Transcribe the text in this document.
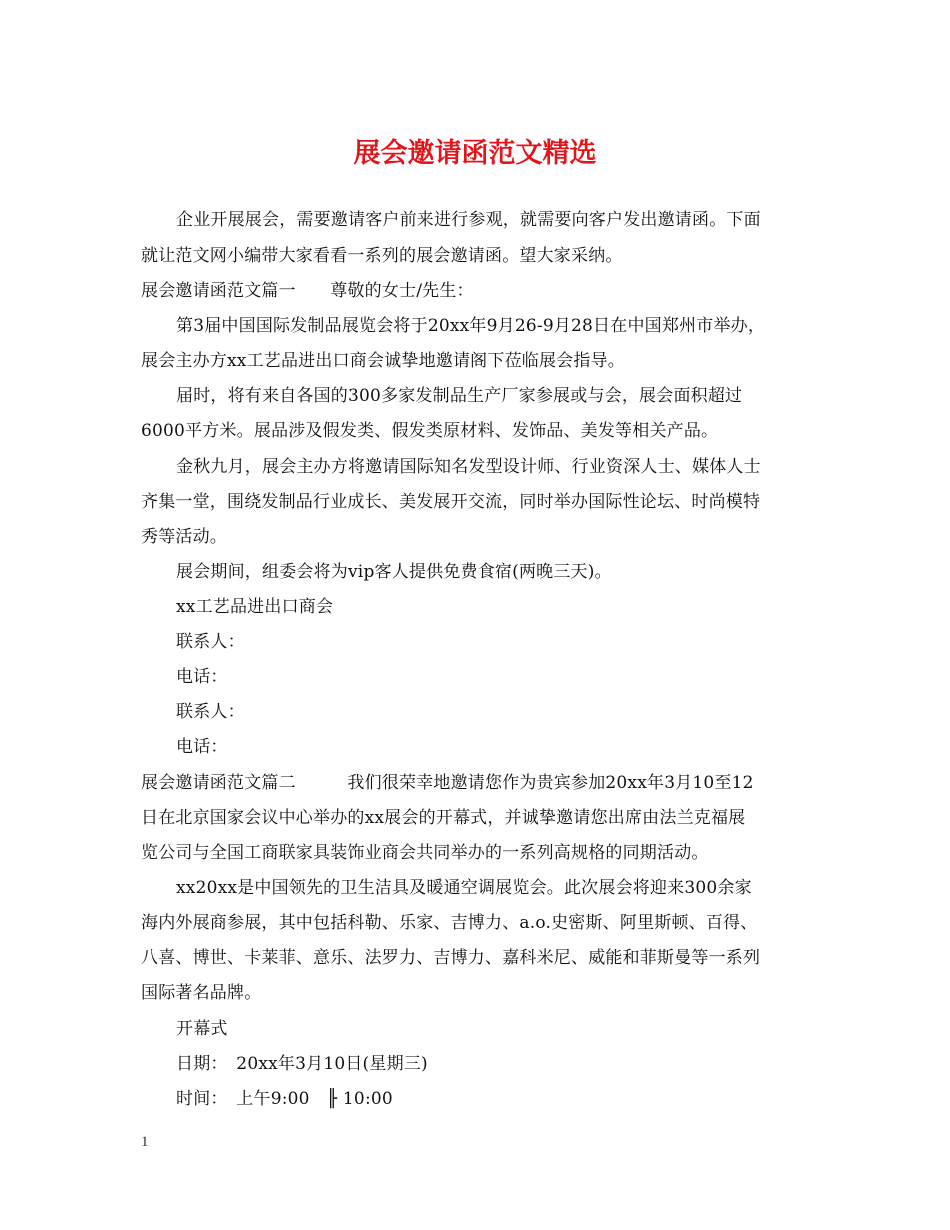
展会邀请函范文精选
企业开展展会，需要邀请客户前来进行参观，就需要向客户发出邀请函。下面
就让范文网小编带大家看看一系列的展会邀请函。望大家采纳。
展会邀请函范文篇一　　尊敬的女士/先生：
第3届中国国际发制品展览会将于20xx年9月26-9月28日在中国郑州市举办，
展会主办方xx工艺品进出口商会诚挚地邀请阁下莅临展会指导。
届时，将有来自各国的300多家发制品生产厂家参展或与会，展会面积超过
6000平方米。展品涉及假发类、假发类原材料、发饰品、美发等相关产品。
金秋九月，展会主办方将邀请国际知名发型设计师、行业资深人士、媒体人士
齐集一堂，围绕发制品行业成长、美发展开交流，同时举办国际性论坛、时尚模特
秀等活动。
展会期间，组委会将为vip客人提供免费食宿(两晚三天)。
xx工艺品进出口商会
联系人：
电话：
联系人：
电话：
展会邀请函范文篇二　　　我们很荣幸地邀请您作为贵宾参加20xx年3月10至12
日在北京国家会议中心举办的xx展会的开幕式，并诚挚邀请您出席由法兰克福展
览公司与全国工商联家具装饰业商会共同举办的一系列高规格的同期活动。
xx20xx是中国领先的卫生洁具及暖通空调展览会。此次展会将迎来300余家
海内外展商参展，其中包括科勒、乐家、吉博力、a.o.史密斯、阿里斯顿、百得、
八喜、博世、卡莱菲、意乐、法罗力、吉博力、嘉科米尼、威能和菲斯曼等一系列
国际著名品牌。
开幕式
日期：　20xx年3月10日(星期三)
时间：　上午9:00　╟ 10:00
1
